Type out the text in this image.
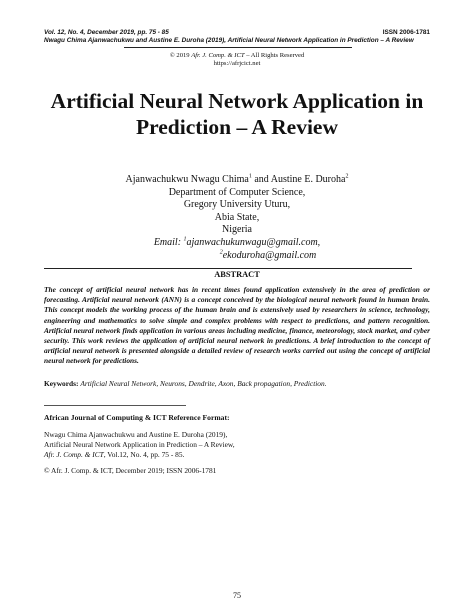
Vol. 12, No. 4, December 2019, pp. 75 - 85	ISSN 2006-1781
Nwagu Chima Ajanwachukwu and Austine E. Duroha (2019), Artificial Neural Network Application in Prediction – A Review
© 2019 Afr. J. Comp. & ICT – All Rights Reserved
https://afrjcict.net
Artificial Neural Network Application in
Prediction – A Review
Ajanwachukwu Nwagu Chima$^1$ and Austine E. Duroha$^2$
Department of Computer Science,
Gregory University Uturu,
Abia State,
Nigeria
Email: $^1$ajanwachukunwagu@gmail.com,
$^2$ekoduroha@gmail.com
ABSTRACT

The concept of artificial neural network has in recent times found application extensively in the area of prediction or forecasting. Artificial neural network (ANN) is a concept conceived by the biological neural network found in human brain. This concept models the working process of the human brain and is extensively used by researchers in science, technology, engineering and mathematics to solve simple and complex problems with respect to predictions, and pattern recognition. Artificial neural network finds application in various areas including medicine, finance, meteorology, stock market, and cyber security. This work reviews the application of artificial neural network in predictions. A brief introduction to the concept of artificial neural network is presented alongside a detailed review of research works carried out using the concept of artificial neural network for predictions.

Keywords: Artificial Neural Network, Neurons, Dendrite, Axon, Back propagation, Prediction.

African Journal of Computing & ICT Reference Format:
Nwagu Chima Ajanwachukwu and Austine E. Duroha (2019),
Artificial Neural Network Application in Prediction – A Review,
Afr. J. Comp. & ICT, Vol.12, No. 4, pp. 75 - 85.
© Afr. J. Comp. & ICT, December 2019; ISSN 2006-1781
75
